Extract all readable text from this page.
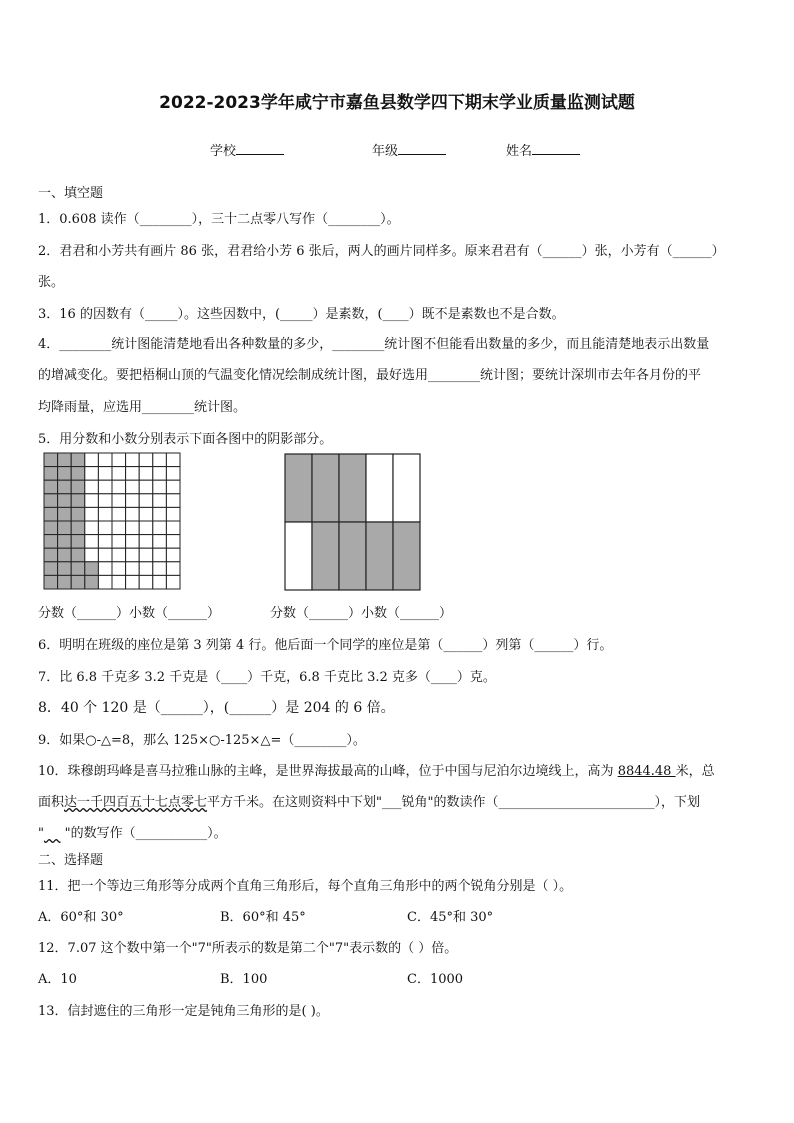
2022-2023学年咸宁市嘉鱼县数学四下期末学业质量监测试题
学校	年级	姓名
一、填空题
1．0.608 读作（________），三十二点零八写作（________）。
2．君君和小芳共有画片 86 张，君君给小芳 6 张后，两人的画片同样多。原来君君有（______）张，小芳有（______）
张。
3．16 的因数有（_____）。这些因数中，(_____）是素数，(____）既不是素数也不是合数。
4．________统计图能清楚地看出各种数量的多少，________统计图不但能看出数量的多少，而且能清楚地表示出数量
的增减变化。要把梧桐山顶的气温变化情况绘制成统计图，最好选用________统计图；要统计深圳市去年各月份的平
均降雨量，应选用________统计图。
5．用分数和小数分别表示下面各图中的阴影部分。
分数（______）小数（______）	分数（______）小数（______）
6．明明在班级的座位是第 3 列第 4 行。他后面一个同学的座位是第（______）列第（______）行。
7．比 6.8 千克多 3.2 千克是（____）千克，6.8 千克比 3.2 克多（____）克。
8．40 个 120 是（______），(______）是 204 的 6 倍。
9．如果○-△=8，那么 125×○-125×△=（________）。
10．珠穆朗玛峰是喜马拉雅山脉的主峰，是世界海拔最高的山峰，位于中国与尼泊尔边境线上，高为 8844.48 米，总
面积达一千四百五十七点零七平方千米。在这则资料中下划"___锐角"的数读作（________________________），下划
"     "的数写作（___________）。
二、选择题
11．把一个等边三角形等分成两个直角三角形后，每个直角三角形中的两个锐角分别是（ ）。
A．60°和 30°	B．60°和 45°	C．45°和 30°
12．7.07 这个数中第一个"7"所表示的数是第二个"7"表示数的（ ）倍。
A．10	B．100	C．1000
13．信封遮住的三角形一定是钝角三角形的是( )。
